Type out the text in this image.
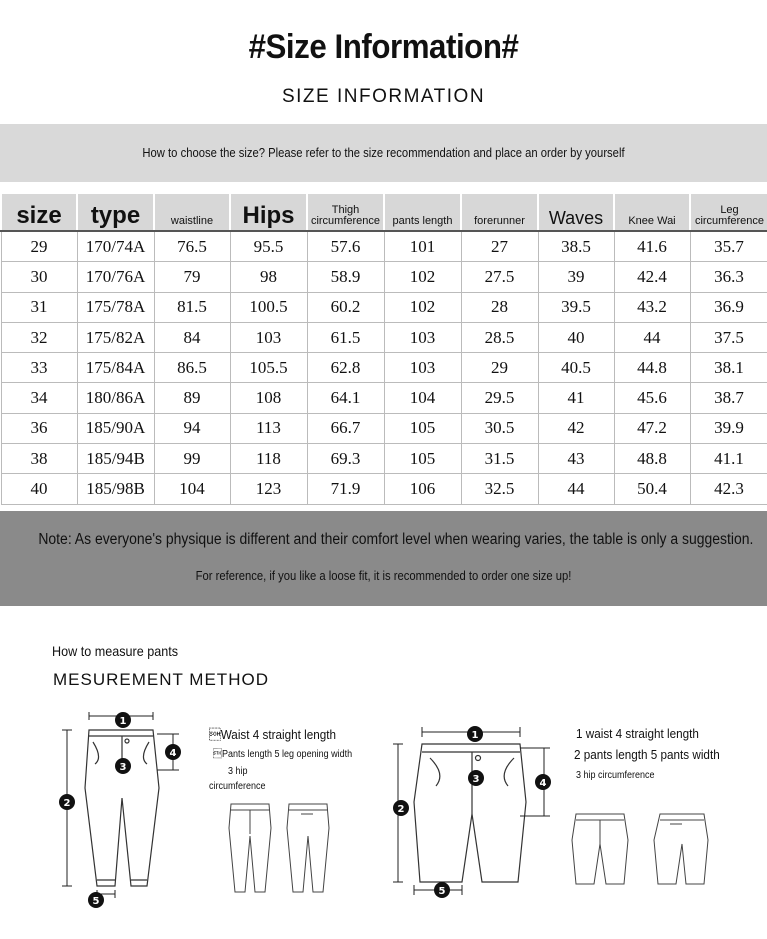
#Size Information#
SIZE INFORMATION
How to choose the size? Please refer to the size recommendation and place an order by yourself
size	type	waistline	Hips	Thigh circumference	pants length	forerunner	Waves	Knee Wai	Leg circumference

29	170/74A	76.5	95.5	57.6	101	27	38.5	41.6	35.7
30	170/76A	79	98	58.9	102	27.5	39	42.4	36.3
31	175/78A	81.5	100.5	60.2	102	28	39.5	43.2	36.9
32	175/82A	84	103	61.5	103	28.5	40	44	37.5
33	175/84A	86.5	105.5	62.8	103	29	40.5	44.8	38.1
34	180/86A	89	108	64.1	104	29.5	41	45.6	38.7
36	185/90A	94	113	66.7	105	30.5	42	47.2	39.9
38	185/94B	99	118	69.3	105	31.5	43	48.8	41.1
40	185/98B	104	123	71.9	106	32.5	44	50.4	42.3
Note: As everyone's physique is different and their comfort level when wearing varies, the table is only a suggestion.
For reference, if you like a loose fit, it is recommended to order one size up!
How to measure pants
MESUREMENT METHOD
1
2
3
4
5
Waist 4 straight length
Pants length 5 leg opening width
3 hip
circumference
1
2
3	4
5
1 waist 4 straight length
2 pants length 5 pants width
3 hip circumference
